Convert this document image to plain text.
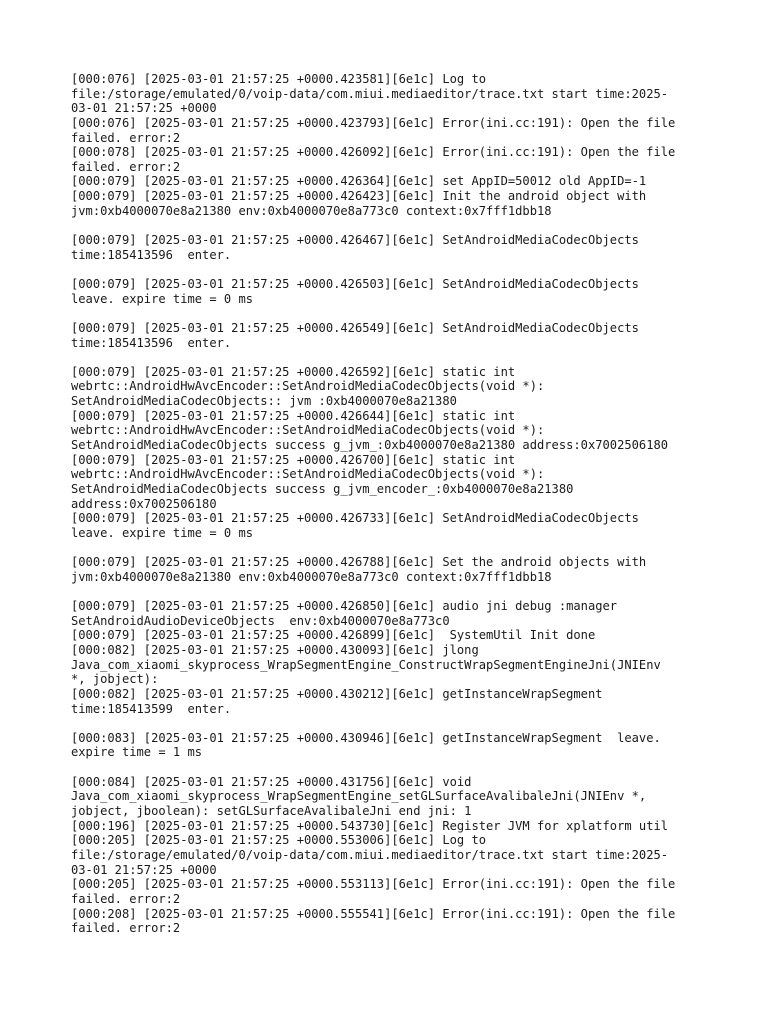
[000:076] [2025-03-01 21:57:25 +0000.423581][6e1c] Log to
file:/storage/emulated/0/voip-data/com.miui.mediaeditor/trace.txt start time:2025-
03-01 21:57:25 +0000
[000:076] [2025-03-01 21:57:25 +0000.423793][6e1c] Error(ini.cc:191): Open the file
failed. error:2
[000:078] [2025-03-01 21:57:25 +0000.426092][6e1c] Error(ini.cc:191): Open the file
failed. error:2
[000:079] [2025-03-01 21:57:25 +0000.426364][6e1c] set AppID=50012 old AppID=-1
[000:079] [2025-03-01 21:57:25 +0000.426423][6e1c] Init the android object with
jvm:0xb4000070e8a21380 env:0xb4000070e8a773c0 context:0x7fff1dbb18
[000:079] [2025-03-01 21:57:25 +0000.426467][6e1c] SetAndroidMediaCodecObjects
time:185413596  enter.
[000:079] [2025-03-01 21:57:25 +0000.426503][6e1c] SetAndroidMediaCodecObjects
leave. expire time = 0 ms
[000:079] [2025-03-01 21:57:25 +0000.426549][6e1c] SetAndroidMediaCodecObjects
time:185413596  enter.
[000:079] [2025-03-01 21:57:25 +0000.426592][6e1c] static int
webrtc::AndroidHwAvcEncoder::SetAndroidMediaCodecObjects(void *):
SetAndroidMediaCodecObjects:: jvm :0xb4000070e8a21380
[000:079] [2025-03-01 21:57:25 +0000.426644][6e1c] static int
webrtc::AndroidHwAvcEncoder::SetAndroidMediaCodecObjects(void *):
SetAndroidMediaCodecObjects success g_jvm_:0xb4000070e8a21380 address:0x7002506180
[000:079] [2025-03-01 21:57:25 +0000.426700][6e1c] static int
webrtc::AndroidHwAvcEncoder::SetAndroidMediaCodecObjects(void *):
SetAndroidMediaCodecObjects success g_jvm_encoder_:0xb4000070e8a21380
address:0x7002506180
[000:079] [2025-03-01 21:57:25 +0000.426733][6e1c] SetAndroidMediaCodecObjects
leave. expire time = 0 ms
[000:079] [2025-03-01 21:57:25 +0000.426788][6e1c] Set the android objects with
jvm:0xb4000070e8a21380 env:0xb4000070e8a773c0 context:0x7fff1dbb18
[000:079] [2025-03-01 21:57:25 +0000.426850][6e1c] audio jni debug :manager
SetAndroidAudioDeviceObjects  env:0xb4000070e8a773c0
[000:079] [2025-03-01 21:57:25 +0000.426899][6e1c]  SystemUtil Init done
[000:082] [2025-03-01 21:57:25 +0000.430093][6e1c] jlong
Java_com_xiaomi_skyprocess_WrapSegmentEngine_ConstructWrapSegmentEngineJni(JNIEnv
*, jobject):
[000:082] [2025-03-01 21:57:25 +0000.430212][6e1c] getInstanceWrapSegment
time:185413599  enter.
[000:083] [2025-03-01 21:57:25 +0000.430946][6e1c] getInstanceWrapSegment  leave.
expire time = 1 ms
[000:084] [2025-03-01 21:57:25 +0000.431756][6e1c] void
Java_com_xiaomi_skyprocess_WrapSegmentEngine_setGLSurfaceAvalibaleJni(JNIEnv *,
jobject, jboolean): setGLSurfaceAvalibaleJni end jni: 1
[000:196] [2025-03-01 21:57:25 +0000.543730][6e1c] Register JVM for xplatform util
[000:205] [2025-03-01 21:57:25 +0000.553006][6e1c] Log to
file:/storage/emulated/0/voip-data/com.miui.mediaeditor/trace.txt start time:2025-
03-01 21:57:25 +0000
[000:205] [2025-03-01 21:57:25 +0000.553113][6e1c] Error(ini.cc:191): Open the file
failed. error:2
[000:208] [2025-03-01 21:57:25 +0000.555541][6e1c] Error(ini.cc:191): Open the file
failed. error:2
